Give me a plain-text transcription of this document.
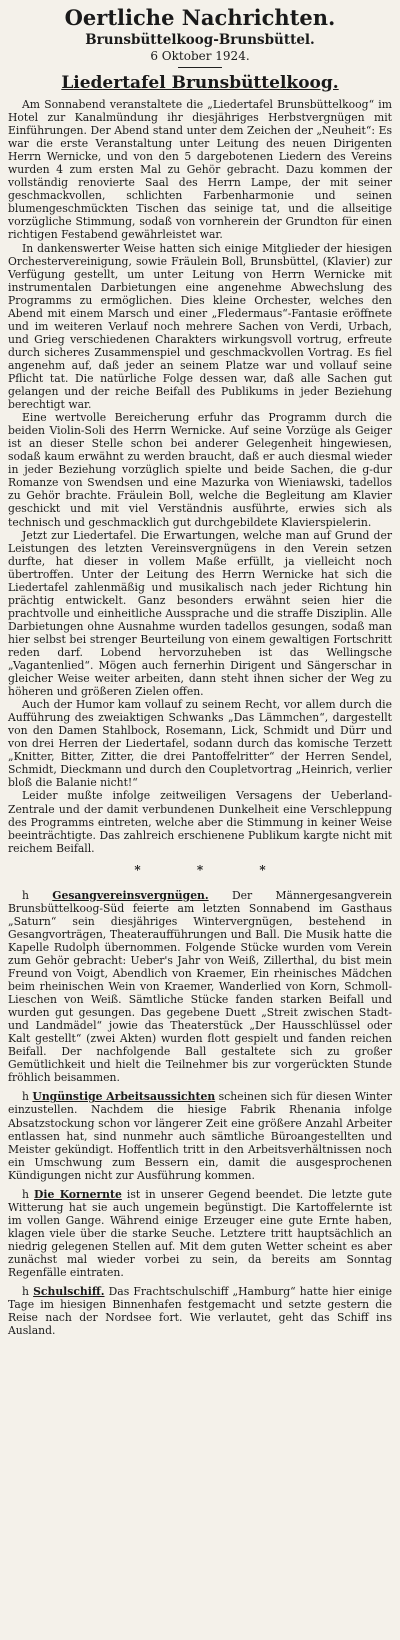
Oertliche Nachrichten.
Brunsbüttelkoog-Brunsbüttel.
6 Oktober 1924.
Liedertafel Brunsbüttelkoog.

Am Sonnabend veranstaltete die „Liedertafel Brunsbüttelkoog“ im Hotel zur Kanalmündung ihr diesjähriges Herbstvergnügen mit Einführungen. Der Abend stand unter dem Zeichen der „Neuheit“: Es war die erste Veranstaltung unter Leitung des neuen Dirigenten Herrn Wernicke, und von den 5 dargebotenen Liedern des Vereins wurden 4 zum ersten Mal zu Gehör gebracht. Dazu kommen der vollständig renovierte Saal des Herrn Lampe, der mit seiner geschmackvollen, schlichten Farbenharmonie und seinen blumengeschmückten Tischen das seinige tat, und die allseitige vorzügliche Stimmung, sodaß von vornherein der Grundton für einen richtigen Festabend gewährleistet war.

In dankenswerter Weise hatten sich einige Mitglieder der hiesigen Orchestervereinigung, sowie Fräulein Boll, Brunsbüttel, (Klavier) zur Verfügung gestellt, um unter Leitung von Herrn Wernicke mit instrumentalen Darbietungen eine angenehme Abwechslung des Programms zu ermöglichen. Dies kleine Orchester, welches den Abend mit einem Marsch und einer „Fledermaus“-Fantasie eröffnete und im weiteren Verlauf noch mehrere Sachen von Verdi, Urbach, und Grieg verschiedenen Charakters wirkungsvoll vortrug, erfreute durch sicheres Zusammenspiel und geschmackvollen Vortrag. Es fiel angenehm auf, daß jeder an seinem Platze war und vollauf seine Pflicht tat. Die natürliche Folge dessen war, daß alle Sachen gut gelangen und der reiche Beifall des Publikums in jeder Beziehung berechtigt war.

Eine wertvolle Bereicherung erfuhr das Programm durch die beiden Violin-Soli des Herrn Wernicke. Auf seine Vorzüge als Geiger ist an dieser Stelle schon bei anderer Gelegenheit hingewiesen, sodaß kaum erwähnt zu werden braucht, daß er auch diesmal wieder in jeder Beziehung vorzüglich spielte und beide Sachen, die g-dur Romanze von Swendsen und eine Mazurka von Wieniawski, tadellos zu Gehör brachte. Fräulein Boll, welche die Begleitung am Klavier geschickt und mit viel Verständnis ausführte, erwies sich als technisch und geschmacklich gut durchgebildete Klavierspielerin.

Jetzt zur Liedertafel. Die Erwartungen, welche man auf Grund der Leistungen des letzten Vereinsvergnügens in den Verein setzen durfte, hat dieser in vollem Maße erfüllt, ja vielleicht noch übertroffen. Unter der Leitung des Herrn Wernicke hat sich die Liedertafel zahlenmäßig und musikalisch nach jeder Richtung hin prächtig entwickelt. Ganz besonders erwähnt seien hier die prachtvolle und einheitliche Aussprache und die straffe Disziplin. Alle Darbietungen ohne Ausnahme wurden tadellos gesungen, sodaß man hier selbst bei strenger Beurteilung von einem gewaltigen Fortschritt reden darf. Lobend hervorzuheben ist das Wellingsche „Vagantenlied“. Mögen auch fernerhin Dirigent und Sängerschar in gleicher Weise weiter arbeiten, dann steht ihnen sicher der Weg zu höheren und größeren Zielen offen.

Auch der Humor kam vollauf zu seinem Recht, vor allem durch die Aufführung des zweiaktigen Schwanks „Das Lämmchen“, dargestellt von den Damen Stahlbock, Rosemann, Lick, Schmidt und Dürr und von drei Herren der Liedertafel, sodann durch das komische Terzett „Knitter, Bitter, Zitter, die drei Pantoffelritter“ der Herren Sendel, Schmidt, Dieckmann und durch den Coupletvortrag „Heinrich, verlier bloß die Balanie nicht!“

Leider mußte infolge zeitweiligen Versagens der Ueberland-Zentrale und der damit verbundenen Dunkelheit eine Verschleppung des Programms eintreten, welche aber die Stimmung in keiner Weise beeinträchtigte. Das zahlreich erschienene Publikum kargte nicht mit reichem Beifall.

* * *

h Gesangvereinsvergnügen. Der Männergesangverein Brunsbüttelkoog-Süd feierte am letzten Sonnabend im Gasthaus „Saturn“ sein diesjähriges Wintervergnügen, bestehend in Gesangvorträgen, Theateraufführungen und Ball. Die Musik hatte die Kapelle Rudolph übernommen. Folgende Stücke wurden vom Verein zum Gehör gebracht: Ueber's Jahr von Weiß, Zillerthal, du bist mein Freund von Voigt, Abendlich von Kraemer, Ein rheinisches Mädchen beim rheinischen Wein von Kraemer, Wanderlied von Korn, Schmoll-Lieschen von Weiß. Sämtliche Stücke fanden starken Beifall und wurden gut gesungen. Das gegebene Duett „Streit zwischen Stadt- und Landmädel“ jowie das Theaterstück „Der Hausschlüssel oder Kalt gestellt“ (zwei Akten) wurden flott gespielt und fanden reichen Beifall. Der nachfolgende Ball gestaltete sich zu großer Gemütlichkeit und hielt die Teilnehmer bis zur vorgerückten Stunde fröhlich beisammen.

h Ungünstige Arbeitsaussichten scheinen sich für diesen Winter einzustellen. Nachdem die hiesige Fabrik Rhenania infolge Absatzstockung schon vor längerer Zeit eine größere Anzahl Arbeiter entlassen hat, sind nunmehr auch sämtliche Büroangestellten und Meister gekündigt. Hoffentlich tritt in den Arbeitsverhältnissen noch ein Umschwung zum Bessern ein, damit die ausgesprochenen Kündigungen nicht zur Ausführung kommen.

h Die Kornernte ist in unserer Gegend beendet. Die letzte gute Witterung hat sie auch ungemein begünstigt. Die Kartoffelernte ist im vollen Gange. Während einige Erzeuger eine gute Ernte haben, klagen viele über die starke Seuche. Letztere tritt hauptsächlich an niedrig gelegenen Stellen auf. Mit dem guten Wetter scheint es aber zunächst mal wieder vorbei zu sein, da bereits am Sonntag Regenfälle eintraten.

h Schulschiff. Das Frachtschulschiff „Hamburg“ hatte hier einige Tage im hiesigen Binnenhafen festgemacht und setzte gestern die Reise nach der Nordsee fort. Wie verlautet, geht das Schiff ins Ausland.
